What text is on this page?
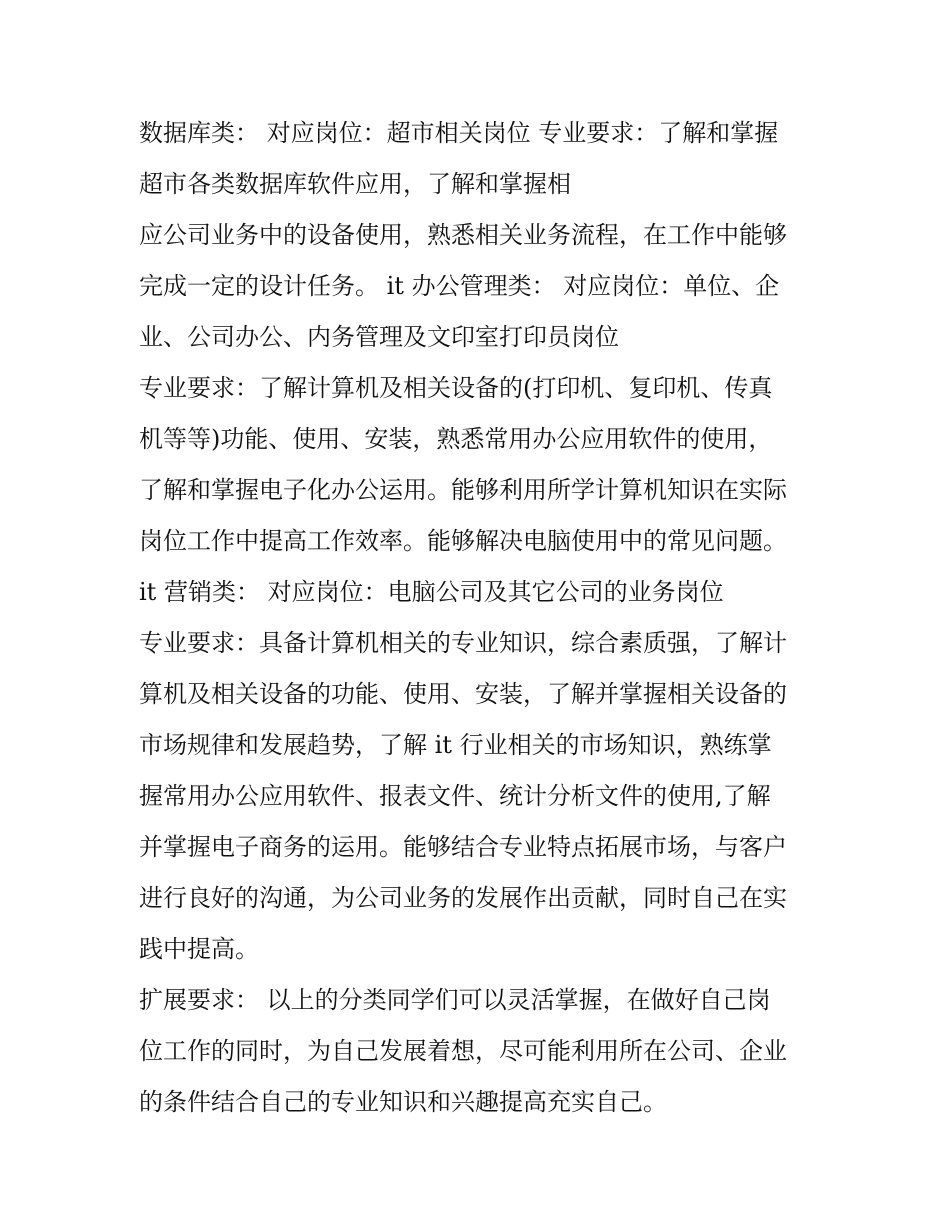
数据库类： 对应岗位：超市相关岗位 专业要求：了解和掌握
超市各类数据库软件应用，了解和掌握相
应公司业务中的设备使用，熟悉相关业务流程，在工作中能够
完成一定的设计任务。 it 办公管理类： 对应岗位：单位、企
业、公司办公、内务管理及文印室打印员岗位
专业要求：了解计算机及相关设备的(打印机、复印机、传真
机等等)功能、使用、安装，熟悉常用办公应用软件的使用，
了解和掌握电子化办公运用。能够利用所学计算机知识在实际
岗位工作中提高工作效率。能够解决电脑使用中的常见问题。
it 营销类： 对应岗位：电脑公司及其它公司的业务岗位
专业要求：具备计算机相关的专业知识，综合素质强，了解计
算机及相关设备的功能、使用、安装，了解并掌握相关设备的
市场规律和发展趋势，了解 it 行业相关的市场知识，熟练掌
握常用办公应用软件、报表文件、统计分析文件的使用,了解
并掌握电子商务的运用。能够结合专业特点拓展市场，与客户
进行良好的沟通，为公司业务的发展作出贡献，同时自己在实
践中提高。
扩展要求： 以上的分类同学们可以灵活掌握，在做好自己岗
位工作的同时，为自己发展着想，尽可能利用所在公司、企业
的条件结合自己的专业知识和兴趣提高充实自己。
